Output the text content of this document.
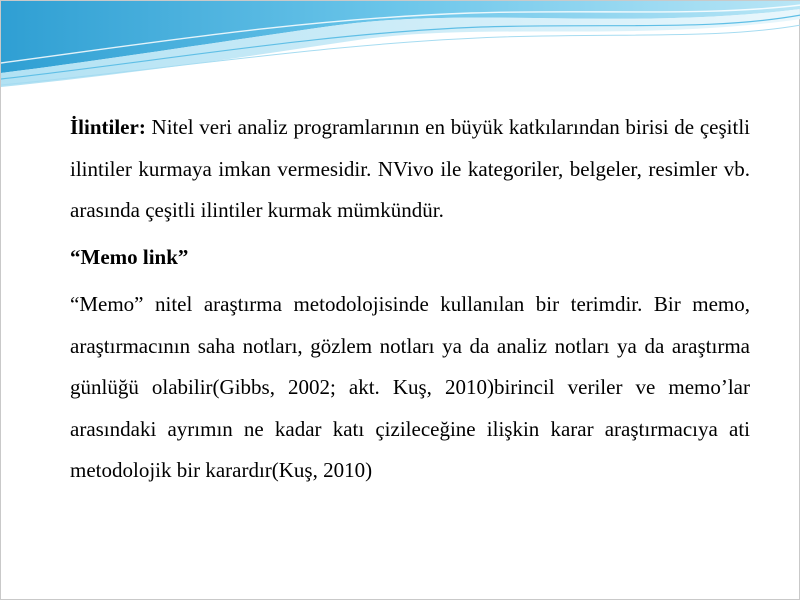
İlintiler: Nitel veri analiz programlarının en büyük katkılarından birisi de çeşitli ilintiler kurmaya imkan vermesidir. NVivo ile kategoriler, belgeler, resimler vb. arasında çeşitli ilintiler kurmak mümkündür.

“Memo link”

“Memo” nitel araştırma metodolojisinde kullanılan bir terimdir. Bir memo, araştırmacının saha notları, gözlem notları ya da analiz notları ya da araştırma günlüğü olabilir(Gibbs, 2002; akt. Kuş, 2010)birincil veriler ve memo’lar arasındaki ayrımın ne kadar katı çizileceğine ilişkin karar araştırmacıya ati metodolojik bir karardır(Kuş, 2010)
